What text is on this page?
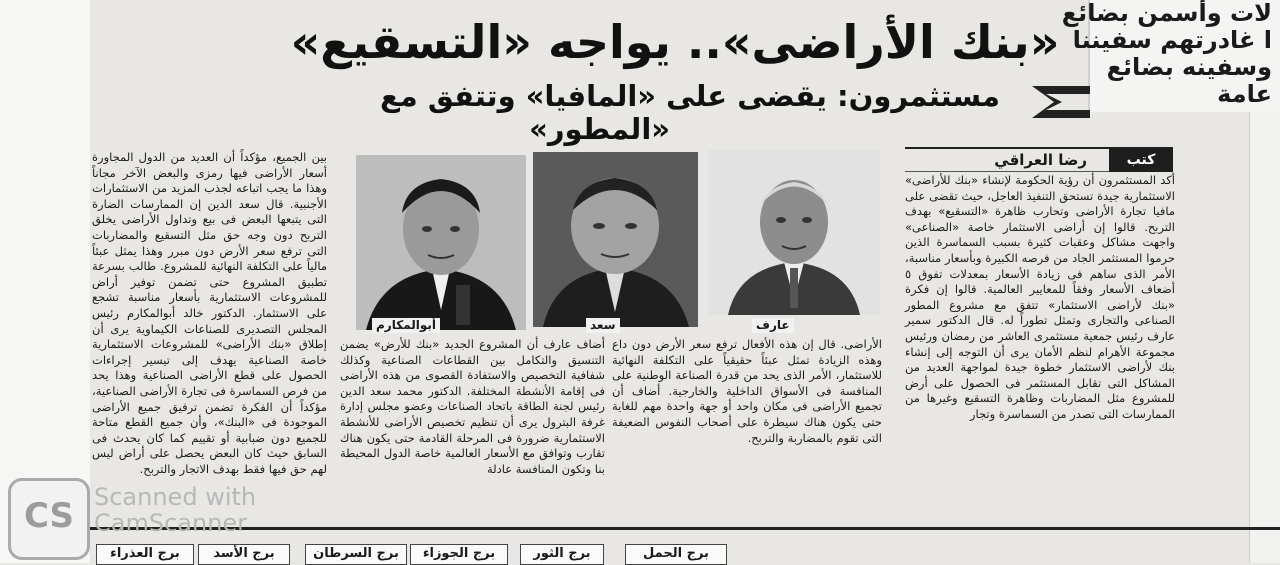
لات وأسمن بضائع
ا غادرتهم سفيننا
وسفينه بضائع
عامة
«بنك الأراضى».. يواجه «التسقيع»
مستثمرون: يقضى على «المافيا» وتتفق مع
«المطور»
كتب
رضا العراقي
عارف
سعد
أبوالمكارم

أكد المستثمرون أن رؤية الحكومة لإنشاء «بنك للأراضى» الاستثمارية جيدة تستحق التنفيذ العاجل، حيث تقضى على مافيا تجارة الأراضى وتحارب ظاهرة «التسقيع» بهدف التربح. قالوا إن أراضى الاستثمار خاصة «الصناعى» واجهت مشاكل وعقبات كثيرة بسبب السماسرة الذين حرموا المستثمر الجاد من فرصه الكبيرة وبأسعار مناسبة، الأمر الذى ساهم فى زيادة الأسعار بمعدلات تفوق ٥ أضعاف الأسعار وفقاً للمعايير العالمية. قالوا إن فكرة «بنك لأراضى الاستثمار» تتفق مع مشروع المطور الصناعى والتجارى وتمثل تطوراً له. قال الدكتور سمير عارف رئيس جمعية مستثمرى العاشر من رمضان ورئيس مجموعة الأهرام لنظم الأمان يرى أن التوجه إلى إنشاء بنك لأراضى الاستثمار خطوة جيدة لمواجهة العديد من المشاكل التى تقابل المستثمر فى الحصول على أرض للمشروع مثل المضاربات وظاهرة التسقيع وغيرها من الممارسات التى تصدر من السماسرة وتجار

الأراضى. قال إن هذه الأفعال ترفع سعر الأرض دون داع وهذه الزيادة تمثل عبئاً حقيقياً على التكلفة النهائية للاستثمار، الأمر الذى يحد من قدرة الصناعة الوطنية على المنافسة فى الأسواق الداخلية والخارجية. أضاف أن تجميع الأراضى فى مكان واحد أو جهة واحدة مهم للغاية حتى يكون هناك سيطرة على أصحاب النفوس الضعيفة التى تقوم بالمضاربة والتربح.

أضاف عارف أن المشروع الجديد «بنك للأرض» يضمن التنسيق والتكامل بين القطاعات الصناعية وكذلك شفافية التخصيص والاستفادة القصوى من هذه الأراضى فى إقامة الأنشطة المختلفة. الدكتور محمد سعد الدين رئيس لجنة الطاقة باتحاد الصناعات وعضو مجلس إدارة غرفة البترول يرى أن تنظيم تخصيص الأراضى للأنشطة الاستثمارية ضرورة فى المرحلة القادمة حتى يكون هناك تقارب وتوافق مع الأسعار العالمية خاصة الدول المحيطة بنا وتكون المنافسة عادلة

بين الجميع، مؤكداً أن العديد من الدول المجاورة أسعار الأراضى فيها رمزى والبعض الآخر مجاناً وهذا ما يجب اتباعه لجذب المزيد من الاستثمارات الأجنبية. قال سعد الدين إن الممارسات الضارة التى يتبعها البعض فى بيع وتداول الأراضى يخلق التربح دون وجه حق مثل التسقيع والمضاربات التى ترفع سعر الأرض دون مبرر وهذا يمثل عبئاً مالياً على التكلفة النهائية للمشروع. طالب بسرعة تطبيق المشروع حتى تضمن توفير أراض للمشروعات الاستثمارية بأسعار مناسبة تشجع على الاستثمار. الدكتور خالد أبوالمكارم رئيس المجلس التصديرى للصناعات الكيماوية يرى أن إطلاق «بنك الأراضى» للمشروعات الاستثمارية خاصة الصناعية يهدف إلى تيسير إجراءات الحصول على قطع الأراضى الصناعية وهذا يحد من فرص السماسرة فى تجارة الأراضى الصناعية، مؤكداً أن الفكرة تضمن ترفيق جميع الأراضى الموجودة فى «البنك»، وأن جميع القطع متاحة للجميع دون ضبابية أو تقييم كما كان يحدث فى السابق حيث كان البعض يحصل على أراض ليس لهم حق فيها فقط بهدف الاتجار والتربح.

برج الحمل
برج الثور
برج الجوزاء
برج السرطان
برج الأسد
برج العذراء
CS Scanned with
CamScanner
